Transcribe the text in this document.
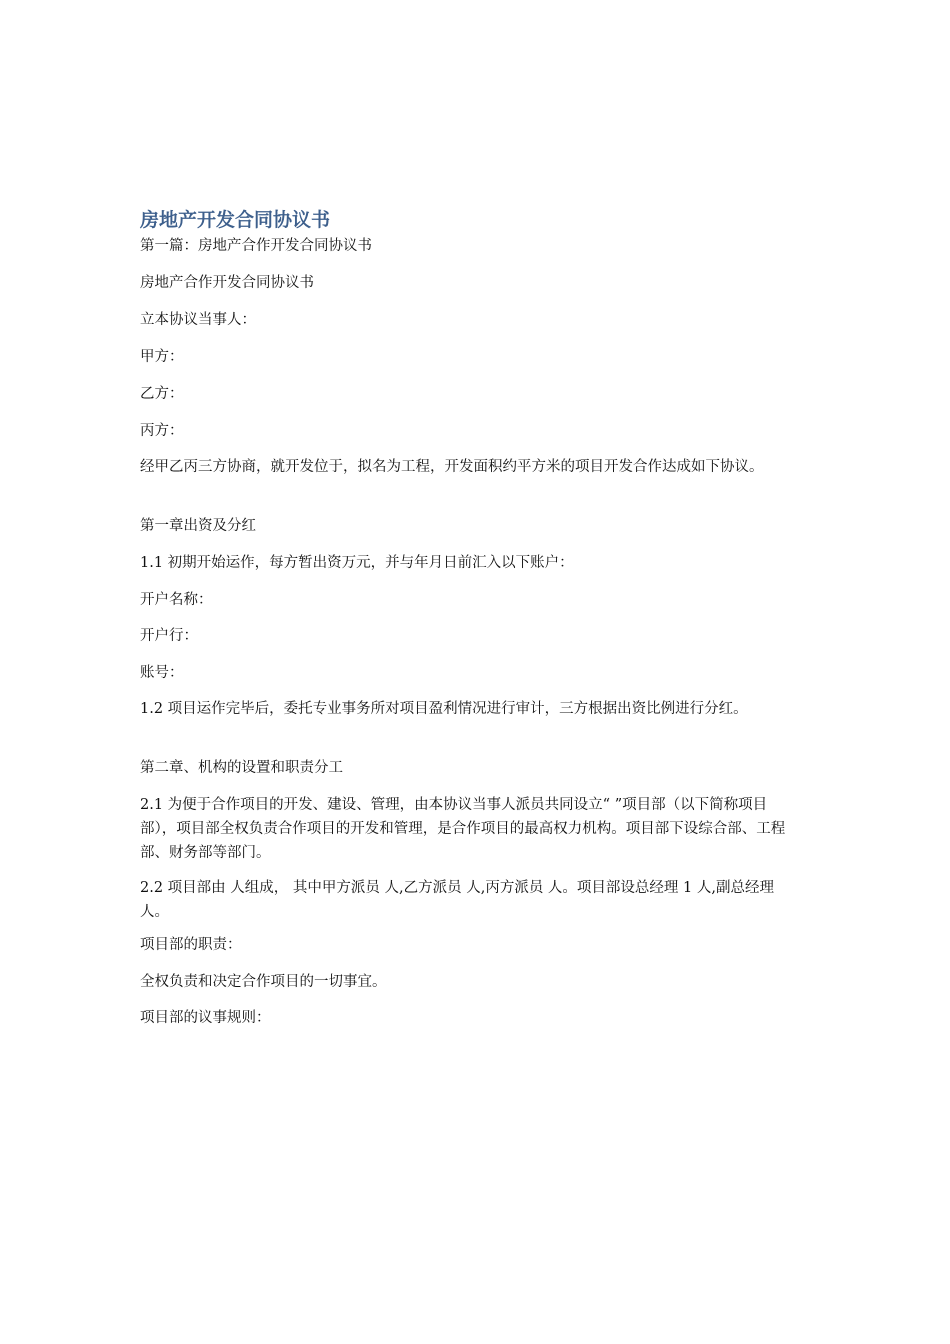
房地产开发合同协议书

第一篇：房地产合作开发合同协议书

房地产合作开发合同协议书

立本协议当事人：

甲方：

乙方：

丙方：

经甲乙丙三方协商，就开发位于，拟名为工程，开发面积约平方米的项目开发合作达成如下协议。

第一章出资及分红

1.1 初期开始运作，每方暂出资万元，并与年月日前汇入以下账户：

开户名称：

开户行：

账号：

1.2 项目运作完毕后，委托专业事务所对项目盈利情况进行审计，三方根据出资比例进行分红。

第二章、机构的设置和职责分工

2.1 为便于合作项目的开发、建设、管理，由本协议当事人派员共同设立“ ”项目部（以下简称项目部），项目部全权负责合作项目的开发和管理，是合作项目的最高权力机构。项目部下设综合部、工程部、财务部等部门。

2.2 项目部由 人组成， 其中甲方派员 人,乙方派员 人,丙方派员 人。项目部设总经理 1 人,副总经理 人。

项目部的职责：

全权负责和决定合作项目的一切事宜。

项目部的议事规则：
